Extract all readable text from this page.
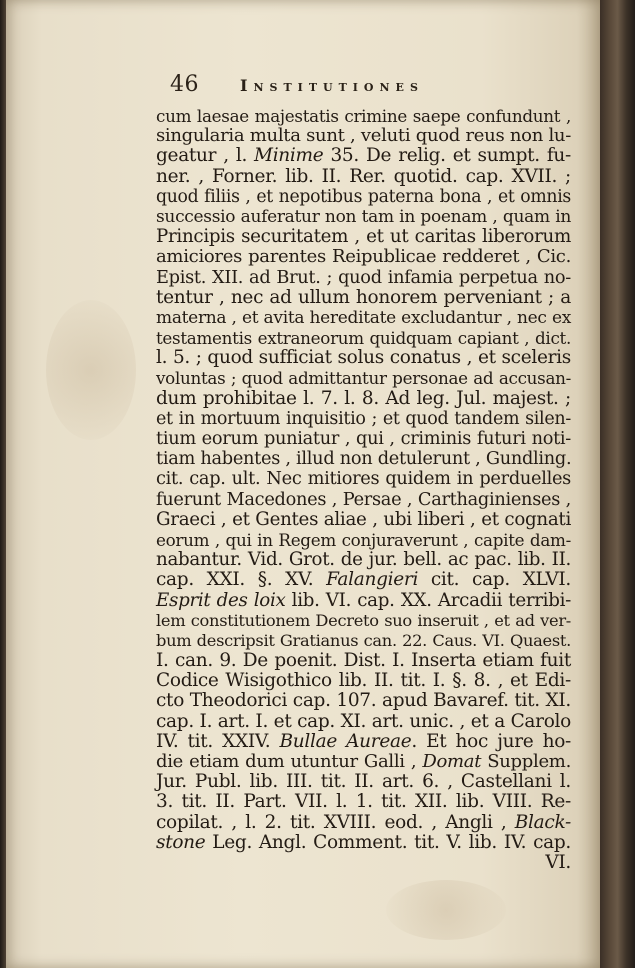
46	Institutiones
cum laesae majestatis crimine saepe confundunt ,
singularia multa sunt , veluti quod reus non lu-
geatur , l. Minime 35. De relig. et sumpt. fu-
ner. , Forner. lib. II. Rer. quotid. cap. XVII. ;
quod filiis , et nepotibus paterna bona , et omnis
successio auferatur non tam in poenam , quam in
Principis securitatem , et ut caritas liberorum
amiciores parentes Reipublicae redderet , Cic.
Epist. XII. ad Brut. ; quod infamia perpetua no-
tentur , nec ad ullum honorem perveniant ; a
materna , et avita hereditate excludantur , nec ex
testamentis extraneorum quidquam capiant , dict.
l. 5. ; quod sufficiat solus conatus , et sceleris
voluntas ; quod admittantur personae ad accusan-
dum prohibitae l. 7. l. 8. Ad leg. Jul. majest. ;
et in mortuum inquisitio ; et quod tandem silen-
tium eorum puniatur , qui , criminis futuri noti-
tiam habentes , illud non detulerunt , Gundling.
cit. cap. ult. Nec mitiores quidem in perduelles
fuerunt Macedones , Persae , Carthaginienses ,
Graeci , et Gentes aliae , ubi liberi , et cognati
eorum , qui in Regem conjuraverunt , capite dam-
nabantur. Vid. Grot. de jur. bell. ac pac. lib. II.
cap. XXI. §. XV. Falangieri cit. cap. XLVI.
Esprit des loix lib. VI. cap. XX. Arcadii terribi-
lem constitutionem Decreto suo inseruit , et ad ver-
bum descripsit Gratianus can. 22. Caus. VI. Quaest.
I. can. 9. De poenit. Dist. I. Inserta etiam fuit
Codice Wisigothico lib. II. tit. I. §. 8. , et Edi-
cto Theodorici cap. 107. apud Bavaref. tit. XI.
cap. I. art. I. et cap. XI. art. unic. , et a Carolo
IV. tit. XXIV. Bullae Aureae. Et hoc jure ho-
die etiam dum utuntur Galli , Domat Supplem.
Jur. Publ. lib. III. tit. II. art. 6. , Castellani l.
3. tit. II. Part. VII. l. 1. tit. XII. lib. VIII. Re-
copilat. , l. 2. tit. XVIII. eod. , Angli , Black-
stone Leg. Angl. Comment. tit. V. lib. IV. cap.
VI.
